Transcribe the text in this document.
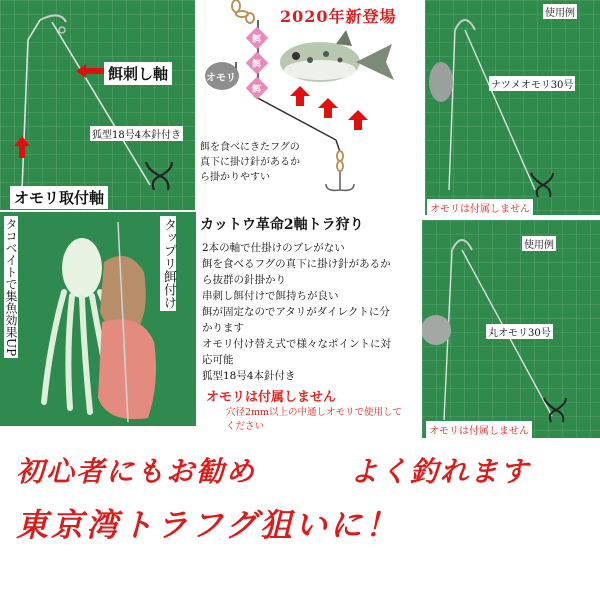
餌刺し軸
狐型18号4本針付き
オモリ取付軸
2020年新登場
オモリ
餌
餌
餌
餌を食べにきたフグの
真下に掛け針があるか
ら掛かりやすい
使用例
ナツメオモリ30号
オモリは付属しません
タコベイトで集魚効果UP	タップリ餌付け カットウ革命2軸トラ狩り
2本の軸で仕掛けのブレがない
餌を食べるフグの真下に掛け針があるか
ら抜群の針掛かり
串刺し餌付けで餌持ちが良い
餌が固定なのでアタリがダイレクトに分
かります
オモリ付け替え式で様々なポイントに対
応可能
狐型18号4本針付き
オモリは付属しません
穴径2mm以上の中通しオモリで使用して
ください
使用例
丸オモリ30号
オモリは付属しません
初心者にもお勧め	よく釣れます
東京湾トラフグ狙いに！
